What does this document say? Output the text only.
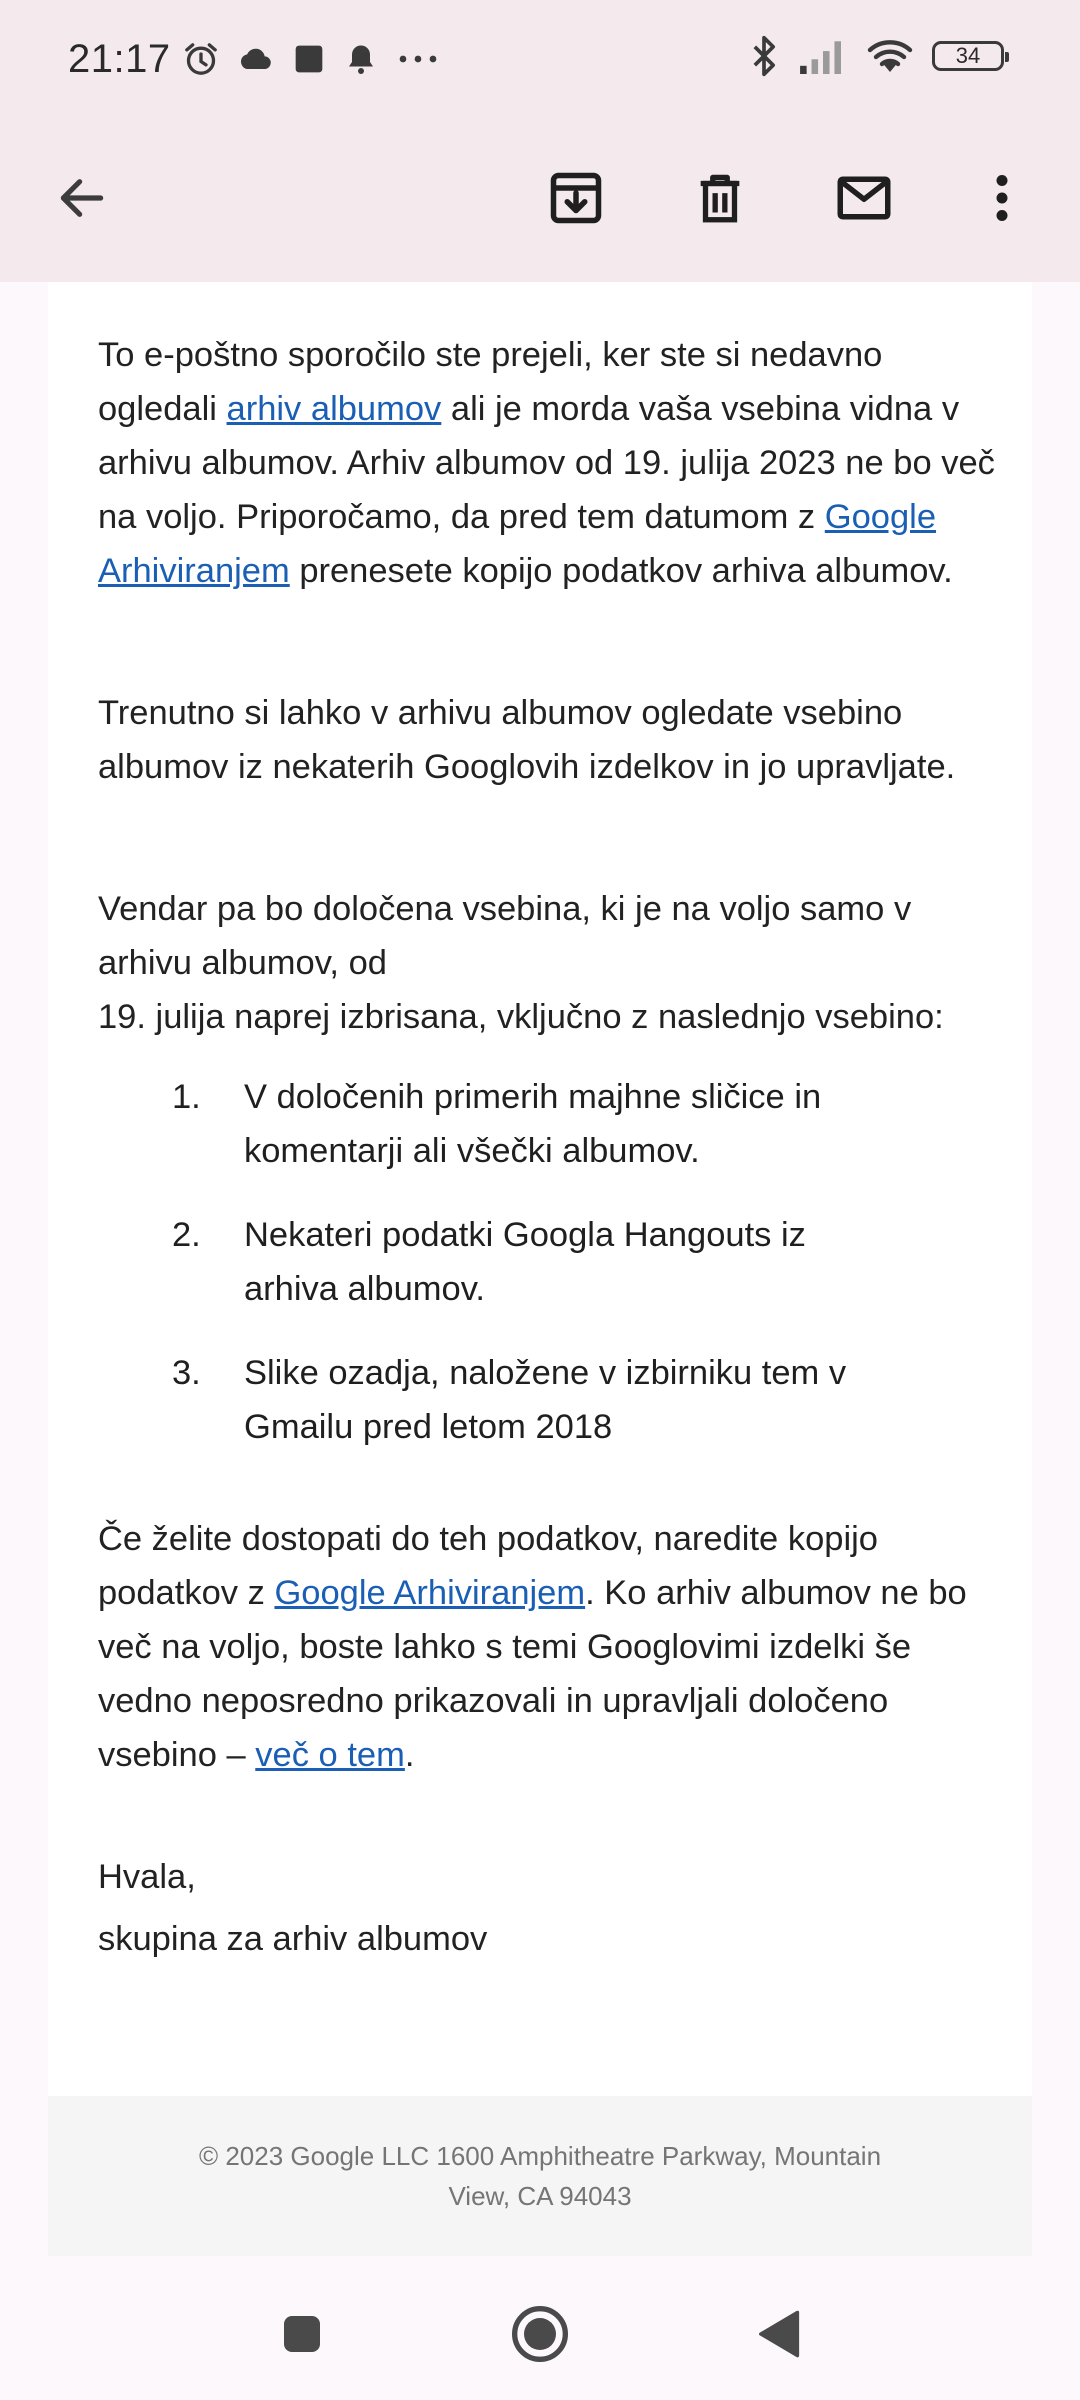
21:17	34

To e-poštno sporočilo ste prejeli, ker ste si nedavno ogledali arhiv albumov ali je morda vaša vsebina vidna v arhivu albumov. Arhiv albumov od 19. julija 2023 ne bo več na voljo. Priporočamo, da pred tem datumom z Google Arhiviranjem prenesete kopijo podatkov arhiva albumov.

Trenutno si lahko v arhivu albumov ogledate vsebino albumov iz nekaterih Googlovih izdelkov in jo upravljate.

Vendar pa bo določena vsebina, ki je na voljo samo v arhivu albumov, od
19. julija naprej izbrisana, vključno z naslednjo vsebino:

1.	V določenih primerih majhne sličice in komentarji ali všečki albumov.
2.	Nekateri podatki Googla Hangouts iz arhiva albumov.
3.	Slike ozadja, naložene v izbirniku tem v Gmailu pred letom 2018

Če želite dostopati do teh podatkov, naredite kopijo podatkov z Google Arhiviranjem. Ko arhiv albumov ne bo več na voljo, boste lahko s temi Googlovimi izdelki še vedno neposredno prikazovali in upravljali določeno vsebino – več o tem.

Hvala,

skupina za arhiv albumov

© 2023 Google LLC 1600 Amphitheatre Parkway, Mountain View, CA 94043
